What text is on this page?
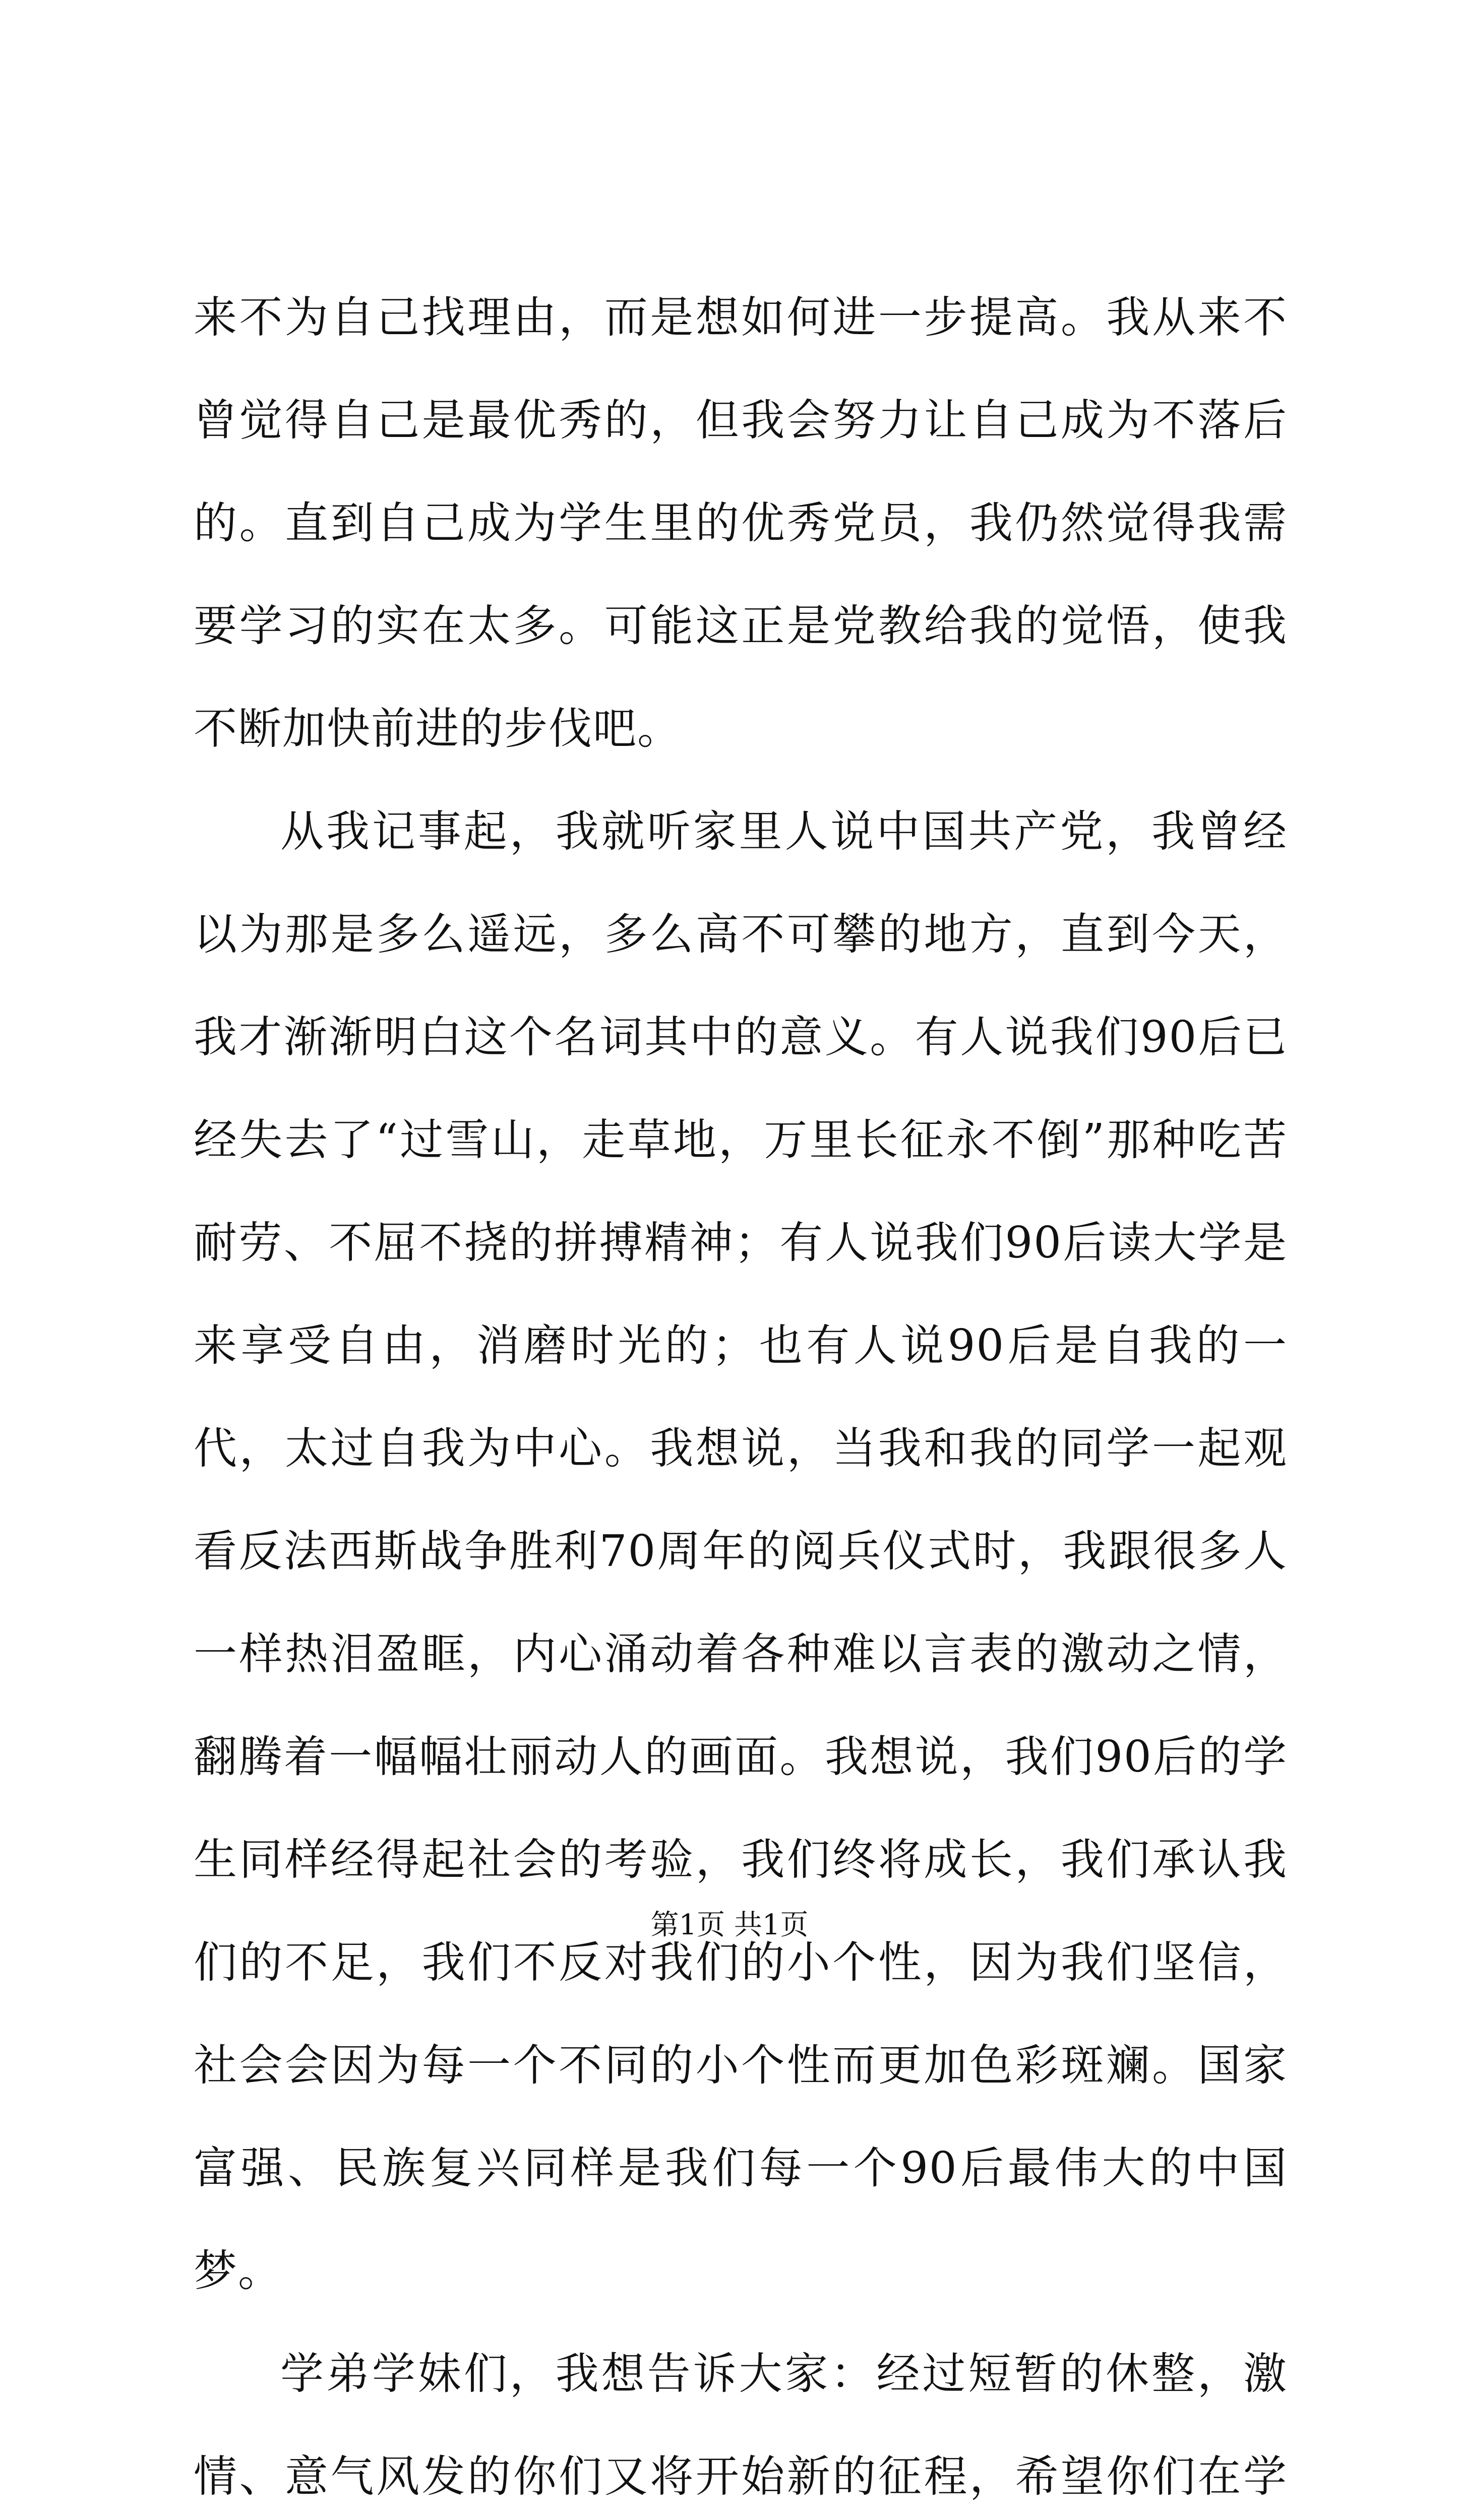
来不为自己找理由，而是想如何进一步提高。我从来不曾觉得自己是最优秀的，但我会努力让自己成为不落后的。直到自己成为学生里的优秀党员，我仍然觉得我需要学习的实在太多。可能这正是党教给我的觉悟，使我不断加快前进的步伐吧。

从我记事起，我就听家里人说中国共产党，我曾经以为那是多么遥远，多么高不可攀的地方，直到今天，我才渐渐明白这个名词其中的意义。有人说我们90后已经失去了“过雪山，走草地，万里长征永不倒”那种吃苦耐劳、不屈不挠的拼搏精神；有人说我们90后读大学是来享受自由，消磨时光的；也有人说90后是自我的一代，太过自我为中心。我想说，当我和我的同学一起观看反法西斯战争胜利70周年的阅兵仪式时，我跟很多人一样热泪盈眶，内心涌动着各种难以言表的激动之情，翻腾着一幅幅壮丽动人的画面。我想说，我们90后的学生同样经得起社会的考验，我们终将成长，我们承认我们的不足，我们不反对我们的小个性，因为我们坚信，社会会因为每一个不同的小个性而更加色彩斑斓。国家富强、民族复兴同样是我们每一个90后最伟大的中国梦。

学弟学妹们，我想告诉大家：经过短暂的休整，激情、意气风发的你们又将开始新的征程，希望你们在学

第1页 共1页
